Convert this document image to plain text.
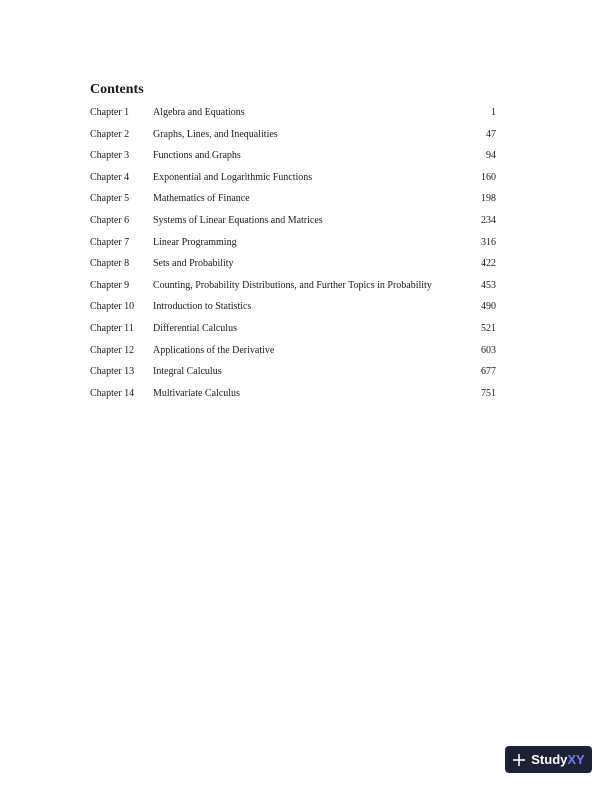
Contents
Chapter 1 Algebra and Equations	1
Chapter 2 Graphs, Lines, and Inequalities	47
Chapter 3 Functions and Graphs	94
Chapter 4 Exponential and Logarithmic Functions	160
Chapter 5 Mathematics of Finance	198
Chapter 6 Systems of Linear Equations and Matrices	234
Chapter 7 Linear Programming	316
Chapter 8 Sets and Probability	422
Chapter 9 Counting, Probability Distributions, and Further Topics in Probability	453
Chapter 10 Introduction to Statistics	490
Chapter 11 Differential Calculus	521
Chapter 12 Applications of the Derivative	603
Chapter 13 Integral Calculus	677
Chapter 14 Multivariate Calculus	751
StudyXY
